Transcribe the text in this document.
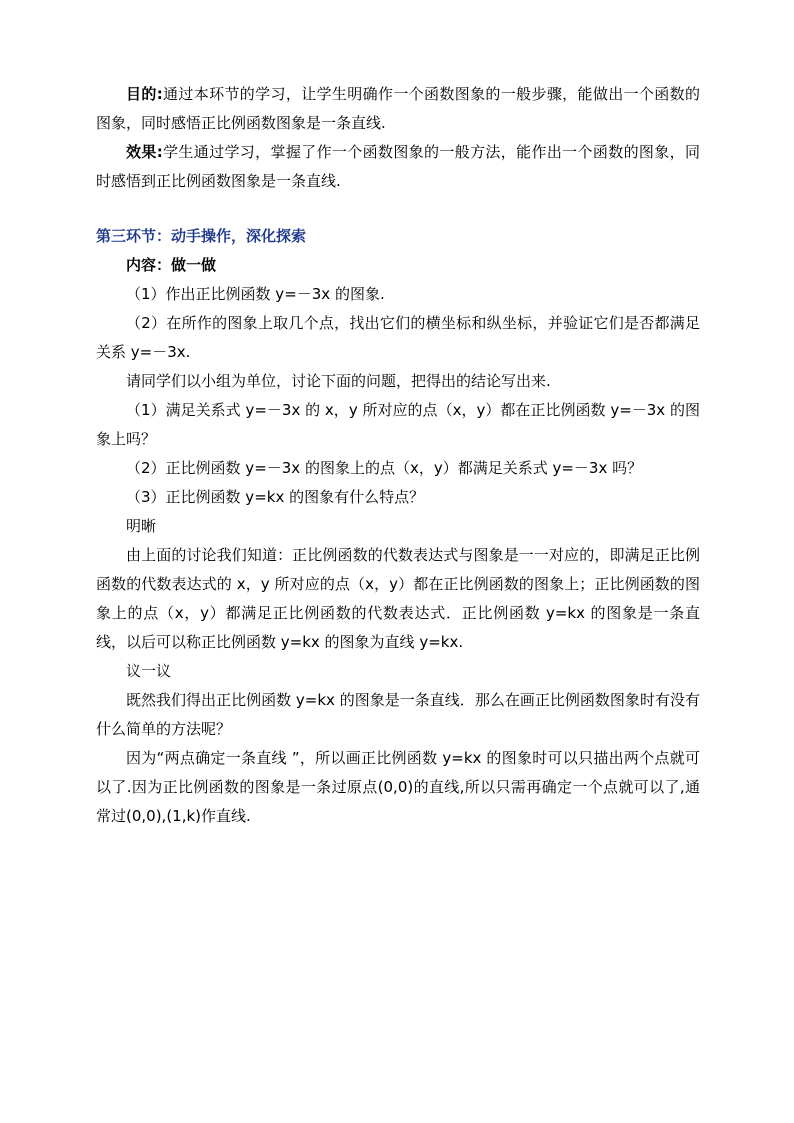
目的:通过本环节的学习，让学生明确作一个函数图象的一般步骤，能做出一个函数的图象，同时感悟正比例函数图象是一条直线.

效果:学生通过学习，掌握了作一个函数图象的一般方法，能作出一个函数的图象，同时感悟到正比例函数图象是一条直线.

第三环节：动手操作，深化探索

内容：做一做

（1）作出正比例函数 y=－3x 的图象.

（2）在所作的图象上取几个点，找出它们的横坐标和纵坐标，并验证它们是否都满足关系 y=－3x.

请同学们以小组为单位，讨论下面的问题，把得出的结论写出来.

（1）满足关系式 y=－3x 的 x，y 所对应的点（x，y）都在正比例函数 y=－3x 的图象上吗？

（2）正比例函数 y=－3x 的图象上的点（x，y）都满足关系式 y=－3x 吗？

（3）正比例函数 y=kx 的图象有什么特点？

明晰

由上面的讨论我们知道：正比例函数的代数表达式与图象是一一对应的，即满足正比例函数的代数表达式的 x，y 所对应的点（x，y）都在正比例函数的图象上；正比例函数的图象上的点（x，y）都满足正比例函数的代数表达式．正比例函数 y=kx 的图象是一条直线，以后可以称正比例函数 y=kx 的图象为直线 y=kx.

议一议

既然我们得出正比例函数 y=kx 的图象是一条直线．那么在画正比例函数图象时有没有什么简单的方法呢？

因为“两点确定一条直线 ”，所以画正比例函数 y=kx 的图象时可以只描出两个点就可以了.因为正比例函数的图象是一条过原点(0,0)的直线,所以只需再确定一个点就可以了,通常过(0,0),(1,k)作直线.
